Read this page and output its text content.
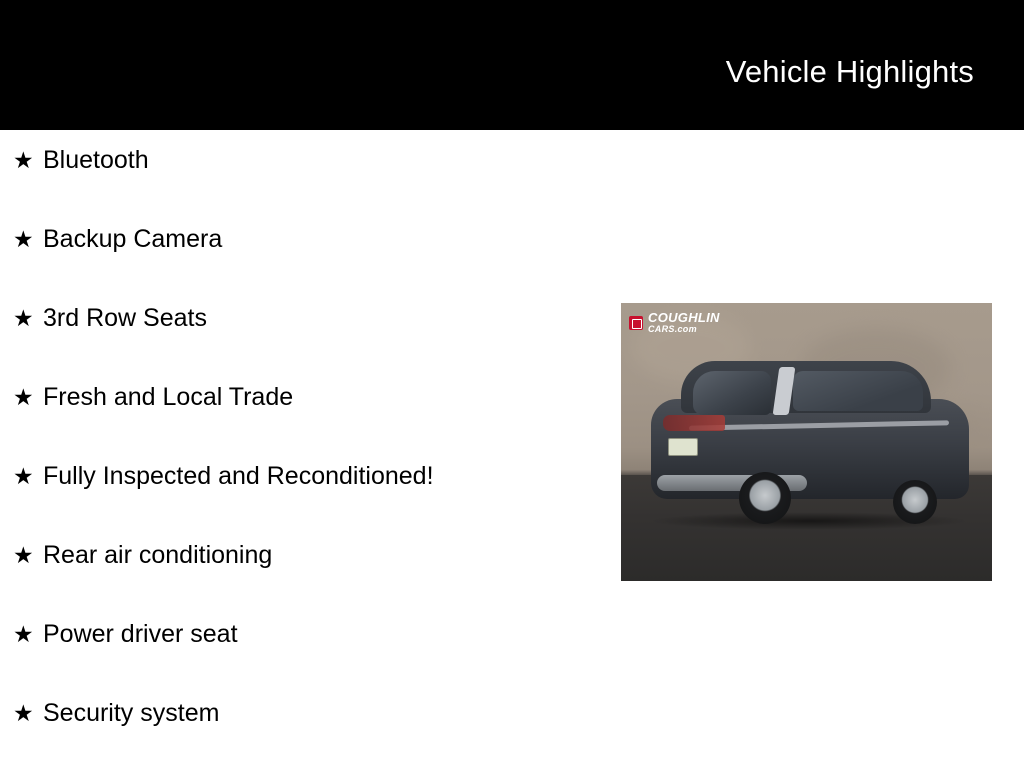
Vehicle Highlights
★ Bluetooth
★ Backup Camera
★ 3rd Row Seats
★ Fresh and Local Trade
★ Fully Inspected and Reconditioned!
★ Rear air conditioning
★ Power driver seat
★ Security system
COUGHLIN
CARS.com
